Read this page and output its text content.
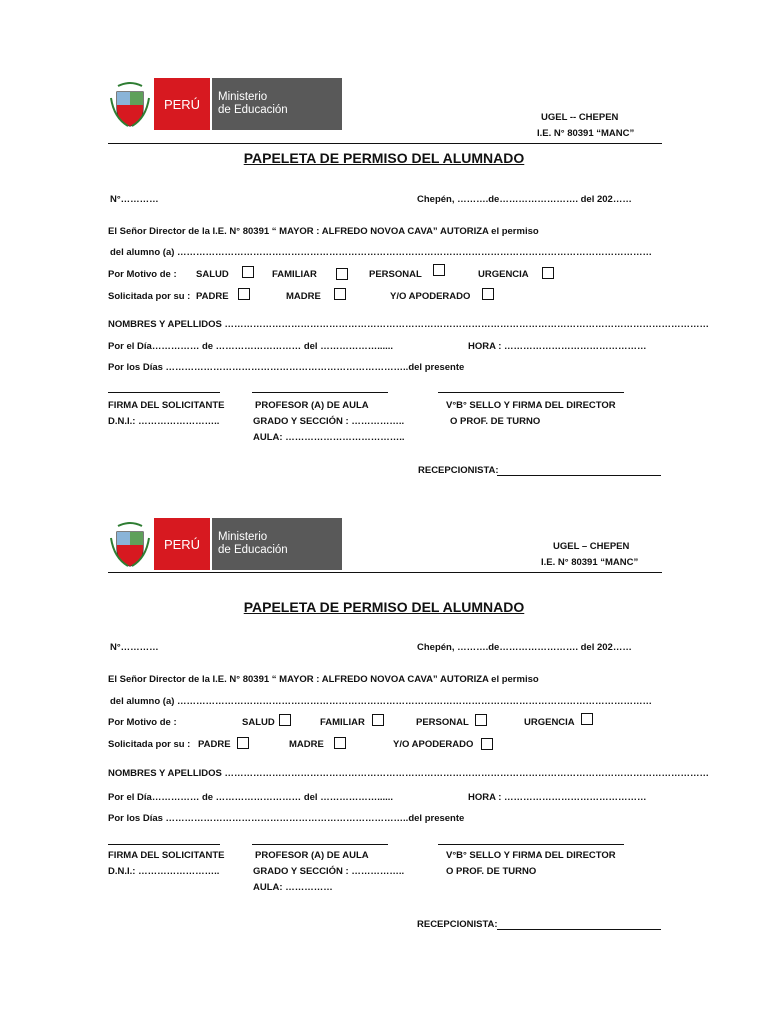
PERÚ	Ministerio
de Educación
UGEL -- CHEPEN
I.E. N° 80391 “MANC”
PAPELETA DE PERMISO DEL ALUMNADO
N°…………	Chepén, ……….de……………………. del 202……
El Señor Director de la I.E. N° 80391 “ MAYOR : ALFREDO NOVOA CAVA” AUTORIZA el permiso
del alumno (a) ……………………………………………………………………………………………………………………………………
Por Motivo de : SALUD	FAMILIAR	PERSONAL	URGENCIA
Solicitada por su : PADRE	MADRE	Y/O APODERADO
NOMBRES Y APELLIDOS ………………………………………………………………………………………………………………………………………
Por el Día…………… de ……………………… del ………………......	HORA : ………………………………………
Por los Días …………………………………………………………………..del presente
FIRMA DEL SOLICITANTE
D.N.I.: ……………………..
PROFESOR (A) DE AULA
GRADO Y SECCIÓN : ……………..
AULA: ………………………………..
V°B° SELLO Y FIRMA DEL DIRECTOR
O PROF. DE TURNO
RECEPCIONISTA:
PERÚ	Ministerio
de Educación	UGEL – CHEPEN
I.E. N° 80391 “MANC”
PAPELETA DE PERMISO DEL ALUMNADO
N°…………	Chepén, ……….de……………………. del 202……
El Señor Director de la I.E. N° 80391 “ MAYOR : ALFREDO NOVOA CAVA” AUTORIZA el permiso
del alumno (a) ……………………………………………………………………………………………………………………………………
Por Motivo de :	SALUD	FAMILIAR	PERSONAL	URGENCIA
Solicitada por su : PADRE	MADRE	Y/O APODERADO
NOMBRES Y APELLIDOS ………………………………………………………………………………………………………………………………………
Por el Día…………… de ……………………… del ………………......	HORA : ………………………………………
Por los Días …………………………………………………………………..del presente
FIRMA DEL SOLICITANTE
D.N.I.: ……………………..
PROFESOR (A) DE AULA
GRADO Y SECCIÓN : ……………..
AULA: ……………
V°B° SELLO Y FIRMA DEL DIRECTOR
O PROF. DE TURNO
RECEPCIONISTA:
